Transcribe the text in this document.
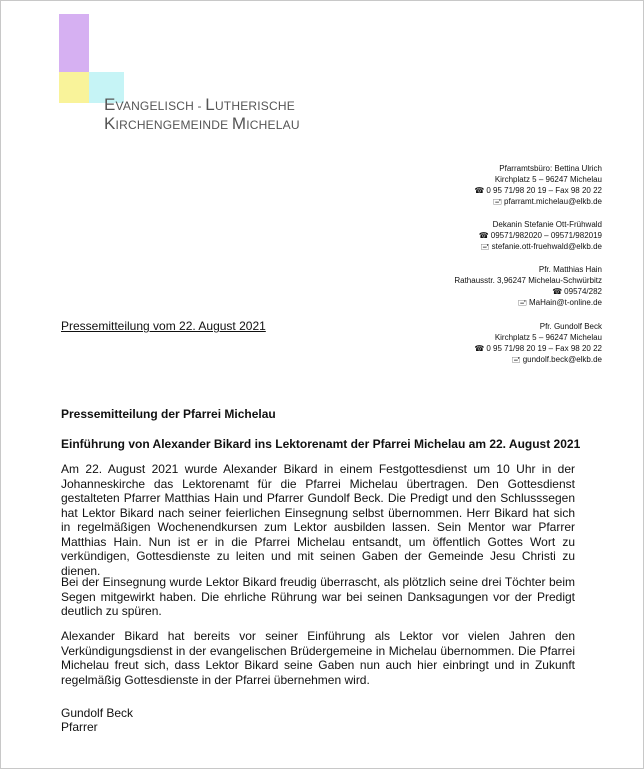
EVANGELISCH - LUTHERISCHE
KIRCHENGEMEINDE MICHELAU
Pfarramtsbüro: Bettina Ulrich
Kirchplatz 5 – 96247 Michelau
☎ 0 95 71/98 20 19 – Fax 98 20 22
🖃 pfarramt.michelau@elkb.de
Dekanin Stefanie Ott-Frühwald
☎ 09571/982020 – 09571/982019
🖃 stefanie.ott-fruehwald@elkb.de
Pfr. Matthias Hain
Rathausstr. 3,96247 Michelau-Schwürbitz
☎ 09574/282
🖃 MaHain@t-online.de
Pfr. Gundolf Beck
Kirchplatz 5 – 96247 Michelau
☎ 0 95 71/98 20 19 – Fax 98 20 22
🖃 gundolf.beck@elkb.de
Pressemitteilung vom 22. August 2021
Pressemitteilung der Pfarrei Michelau
Einführung von Alexander Bikard ins Lektorenamt der Pfarrei Michelau am 22. August 2021
Am 22. August 2021 wurde Alexander Bikard in einem Festgottesdienst um 10 Uhr in der Johanneskirche das Lektorenamt für die Pfarrei Michelau übertragen. Den Gottesdienst gestalteten Pfarrer Matthias Hain und Pfarrer Gundolf Beck. Die Predigt und den Schlusssegen hat Lektor Bikard nach seiner feierlichen Einsegnung selbst übernommen. Herr Bikard hat sich in regelmäßigen Wochenendkursen zum Lektor ausbilden lassen. Sein Mentor war Pfarrer Matthias Hain. Nun ist er in die Pfarrei Michelau entsandt, um öffentlich Gottes Wort zu verkündigen, Gottesdienste zu leiten und mit seinen Gaben der Gemeinde Jesu Christi zu dienen.
Bei der Einsegnung wurde Lektor Bikard freudig überrascht, als plötzlich seine drei Töchter beim Segen mitgewirkt haben. Die ehrliche Rührung war bei seinen Danksagungen vor der Predigt deutlich zu spüren.
Alexander Bikard hat bereits vor seiner Einführung als Lektor vor vielen Jahren den Verkündigungsdienst in der evangelischen Brüdergemeine in Michelau übernommen. Die Pfarrei Michelau freut sich, dass Lektor Bikard seine Gaben nun auch hier einbringt und in Zukunft regelmäßig Gottesdienste in der Pfarrei übernehmen wird.
Gundolf Beck
Pfarrer
